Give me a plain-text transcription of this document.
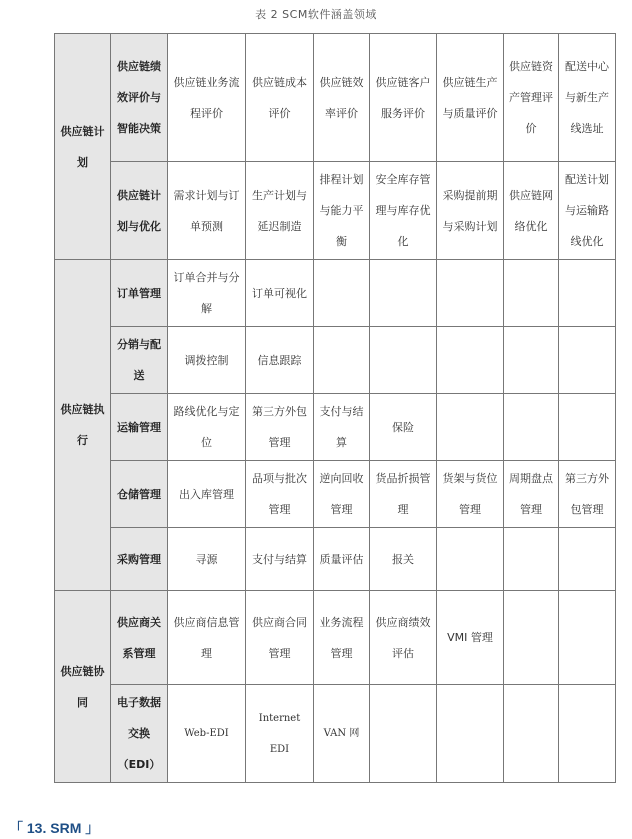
表 2 SCM软件涵盖领域
供应链计划	供应链绩效评价与智能决策	供应链业务流程评价	供应链成本评价	供应链效率评价	供应链客户服务评价	供应链生产与质量评价	供应链资产管理评价	配送中心与新生产线选址
	供应链计划与优化	需求计划与订单预测	生产计划与延迟制造	排程计划与能力平衡	安全库存管理与库存优化	采购提前期与采购计划	供应链网络优化	配送计划与运输路线优化
供应链执行	订单管理	订单合并与分解	订单可视化					
	分销与配送	调拨控制	信息跟踪					
	运输管理	路线优化与定位	第三方外包管理	支付与结算	保险			
	仓储管理	出入库管理	品项与批次管理	逆向回收管理	货品折损管理	货架与货位管理	周期盘点管理	第三方外包管理
	采购管理	寻源	支付与结算	质量评估	报关			
供应链协同	供应商关系管理	供应商信息管理	供应商合同管理	业务流程管理	供应商绩效评估	VMI 管理		
	电子数据交换（EDI）	Web-EDI	Internet EDI	VAN 网				
「 13. SRM 」
